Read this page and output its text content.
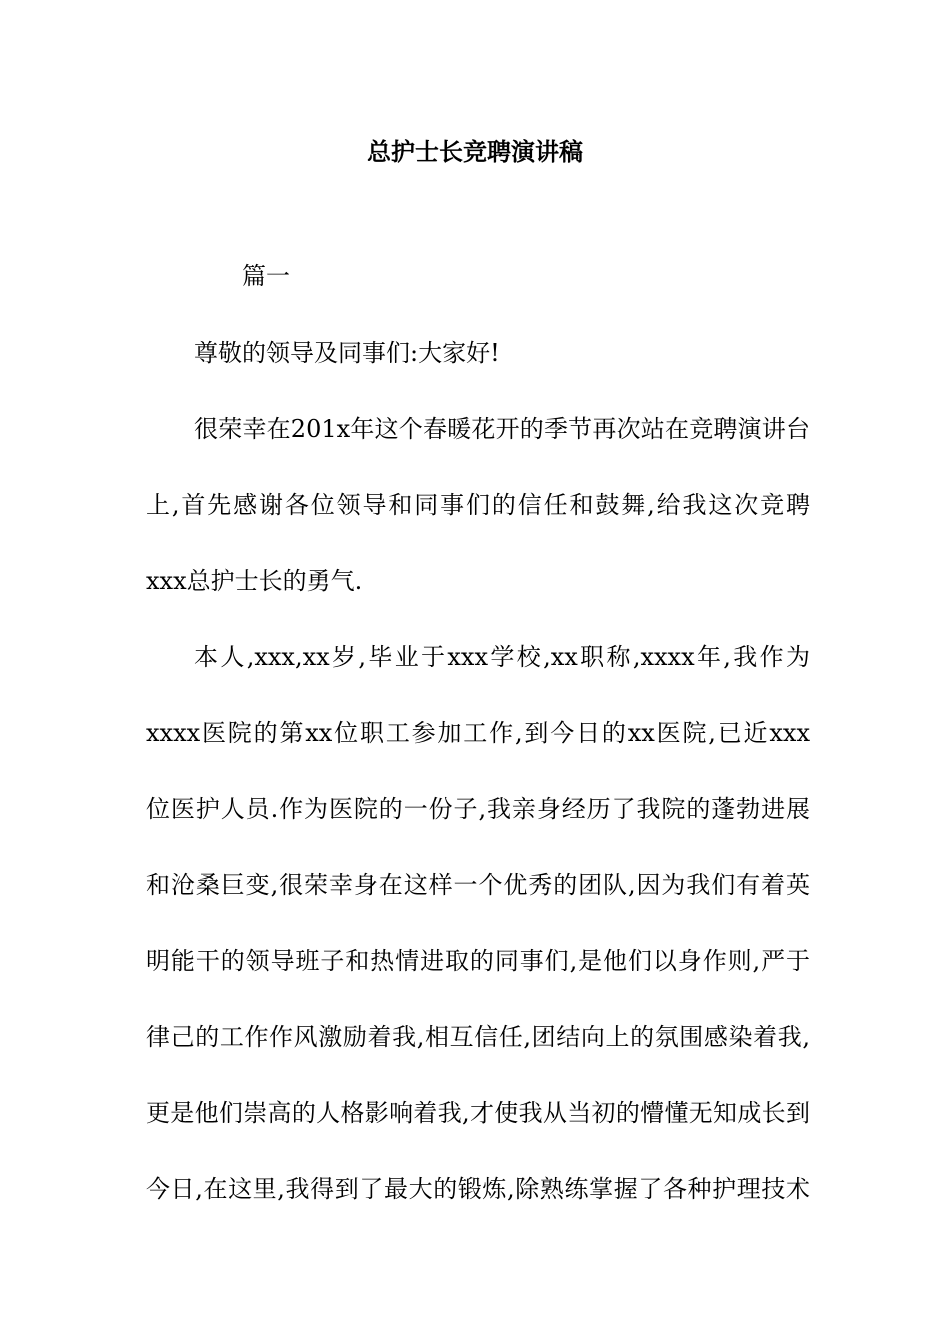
总护士长竞聘演讲稿

篇一

尊敬的领导及同事们:大家好!

很荣幸在201x年这个春暖花开的季节再次站在竞聘演讲台

上,首先感谢各位领导和同事们的信任和鼓舞,给我这次竞聘

xxx总护士长的勇气.

本人,xxx,xx岁,毕业于xxx学校,xx职称,xxxx年,我作为

xxxx医院的第xx位职工参加工作,到今日的xx医院,已近xxx

位医护人员.作为医院的一份子,我亲身经历了我院的蓬勃进展

和沧桑巨变,很荣幸身在这样一个优秀的团队,因为我们有着英

明能干的领导班子和热情进取的同事们,是他们以身作则,严于

律己的工作作风激励着我,相互信任,团结向上的氛围感染着我,

更是他们崇高的人格影响着我,才使我从当初的懵懂无知成长到

今日,在这里,我得到了最大的锻炼,除熟练掌握了各种护理技术
